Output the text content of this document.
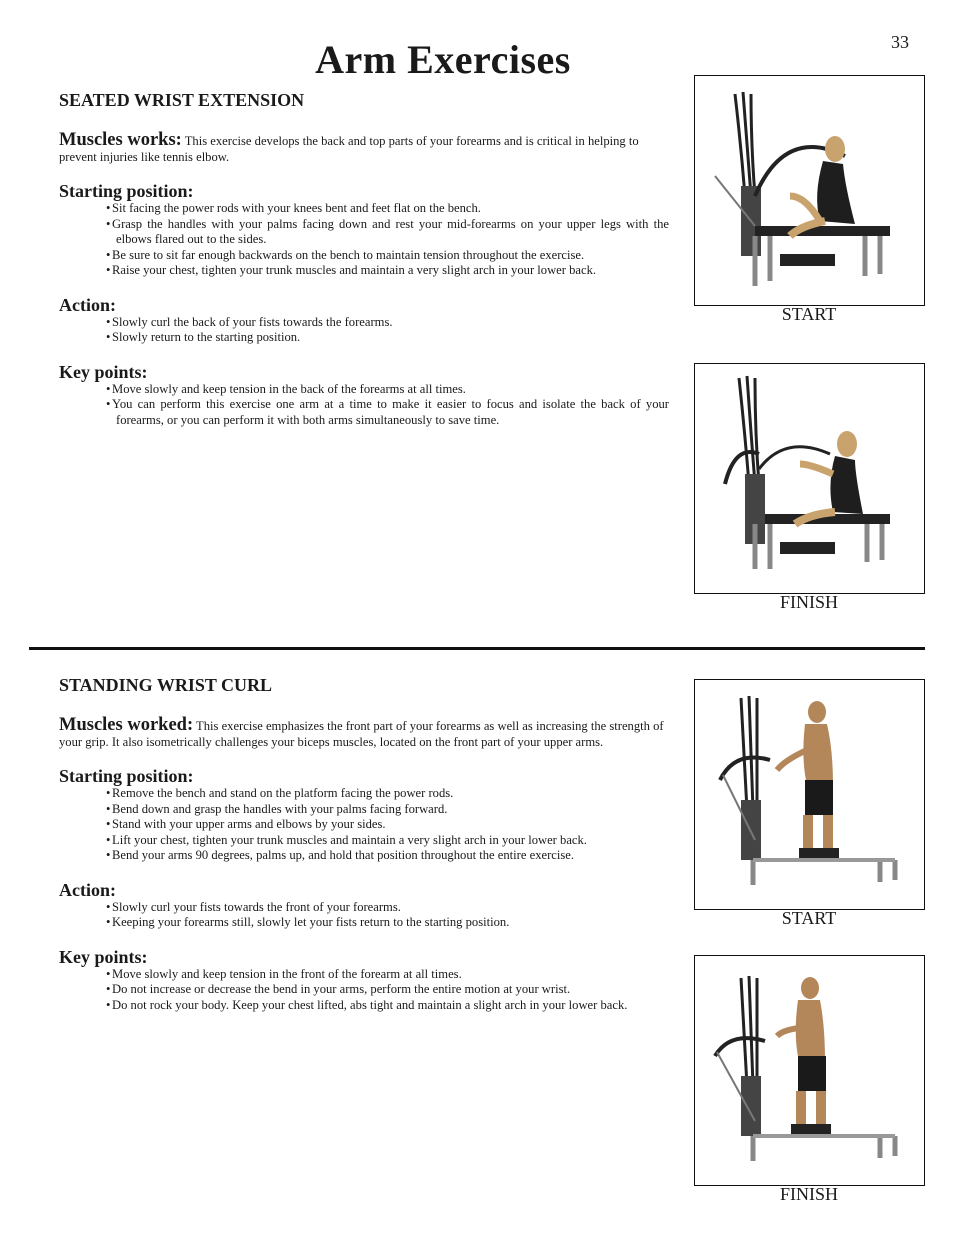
33
Arm Exercises
SEATED WRIST EXTENSION
Muscles works: This exercise develops the back and top parts of your forearms and is critical in helping to prevent injuries like tennis elbow.
Starting position:
• Sit facing the power rods with your knees bent and feet flat on the bench.
• Grasp the handles with your palms facing down and rest your mid-forearms on your upper legs with the elbows flared out to the sides.
• Be sure to sit far enough backwards on the bench to maintain tension throughout the exercise.
• Raise your chest, tighten your trunk muscles and maintain a very slight arch in your lower back.
Action:
• Slowly curl the back of your fists towards the forearms.
• Slowly return to the starting position.
Key points:
• Move slowly and keep tension in the back of the forearms at all times.
• You can perform this exercise one arm at a time to make it easier to focus and isolate the back of your forearms, or you can perform it with both arms simultaneously to save time.
START
FINISH
STANDING WRIST CURL
Muscles worked: This exercise emphasizes the front part of your forearms as well as increasing the strength of your grip. It also isometrically challenges your biceps muscles, located on the front part of your upper arms.
Starting position:
• Remove the bench and stand on the platform facing the power rods.
• Bend down and grasp the handles with your palms facing forward.
• Stand with your upper arms and elbows by your sides.
• Lift your chest, tighten your trunk muscles and maintain a very slight arch in your lower back.
• Bend your arms 90 degrees, palms up, and hold that position throughout the entire exercise.
Action:
• Slowly curl your fists towards the front of your forearms.
• Keeping your forearms still, slowly let your fists return to the starting position.
Key points:
• Move slowly and keep tension in the front of the forearm at all times.
• Do not increase or decrease the bend in your arms, perform the entire motion at your wrist.
• Do not rock your body. Keep your chest lifted, abs tight and maintain a slight arch in your lower back.
START
FINISH
